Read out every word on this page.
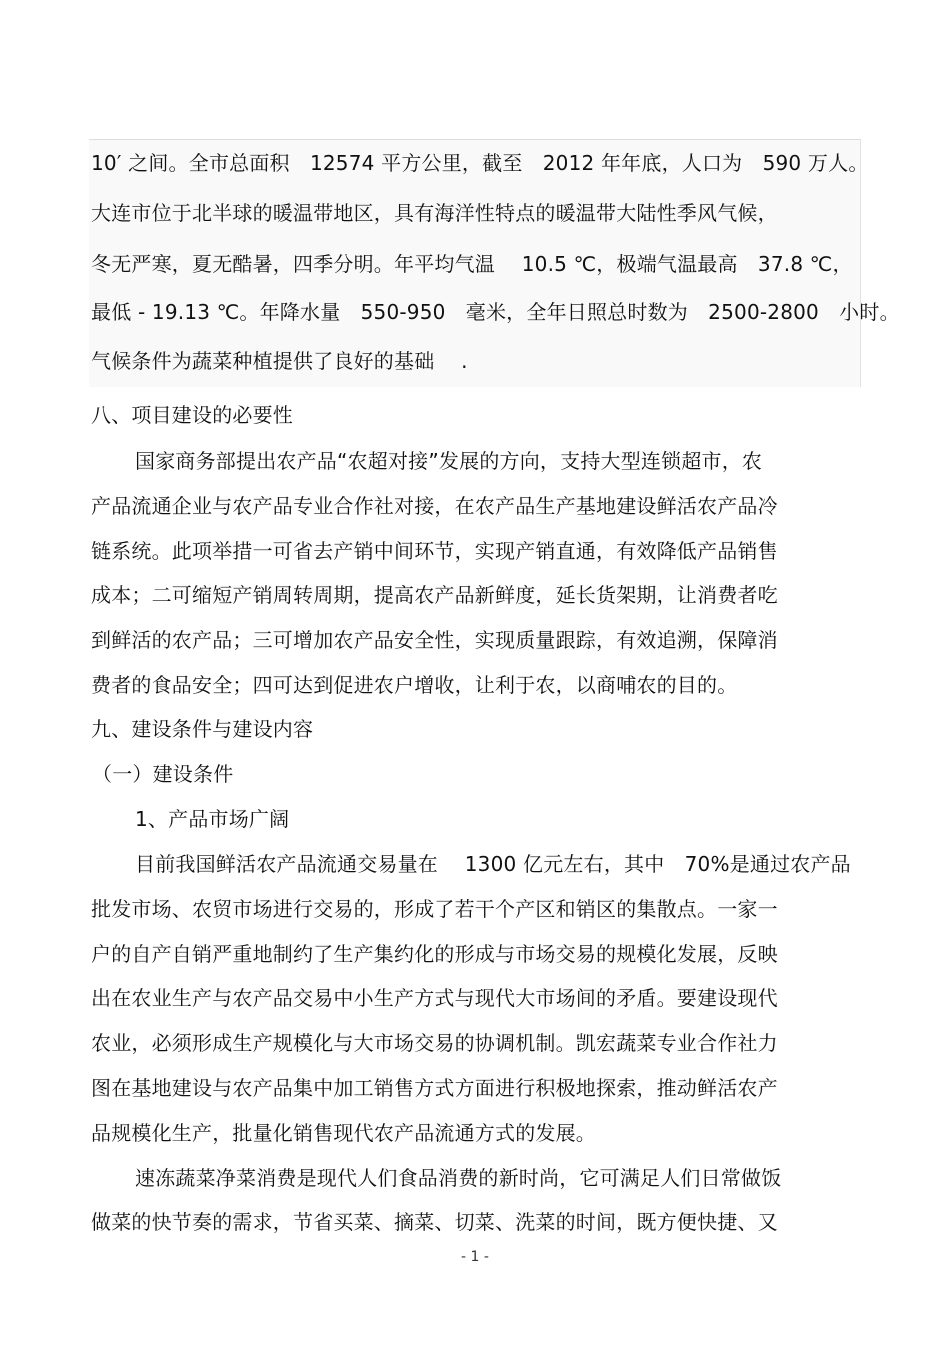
10′ 之间。全市总面积　12574 平方公里，截至　2012 年年底，人口为　590 万人。
大连市位于北半球的暖温带地区，具有海洋性特点的暖温带大陆性季风气候，
冬无严寒，夏无酷暑，四季分明。年平均气温　 10.5 ℃，极端气温最高　37.8 ℃，
最低 - 19.13 ℃。年降水量　550-950　毫米，全年日照总时数为　2500-2800　小时。
气候条件为蔬菜种植提供了良好的基础　 .
八、项目建设的必要性
国家商务部提出农产品“农超对接”发展的方向，支持大型连锁超市，农
产品流通企业与农产品专业合作社对接，在农产品生产基地建设鲜活农产品冷
链系统。此项举措一可省去产销中间环节，实现产销直通，有效降低产品销售
成本；二可缩短产销周转周期，提高农产品新鲜度，延长货架期，让消费者吃
到鲜活的农产品；三可增加农产品安全性，实现质量跟踪，有效追溯，保障消
费者的食品安全；四可达到促进农户增收，让利于农，以商哺农的目的。
九、建设条件与建设内容
（一）建设条件
1、产品市场广阔
目前我国鲜活农产品流通交易量在　 1300 亿元左右，其中　70%是通过农产品
批发市场、农贸市场进行交易的，形成了若干个产区和销区的集散点。一家一
户的自产自销严重地制约了生产集约化的形成与市场交易的规模化发展，反映
出在农业生产与农产品交易中小生产方式与现代大市场间的矛盾。要建设现代
农业，必须形成生产规模化与大市场交易的协调机制。凯宏蔬菜专业合作社力
图在基地建设与农产品集中加工销售方式方面进行积极地探索，推动鲜活农产
品规模化生产，批量化销售现代农产品流通方式的发展。
速冻蔬菜净菜消费是现代人们食品消费的新时尚，它可满足人们日常做饭
做菜的快节奏的需求，节省买菜、摘菜、切菜、洗菜的时间，既方便快捷、又
- 1 -
